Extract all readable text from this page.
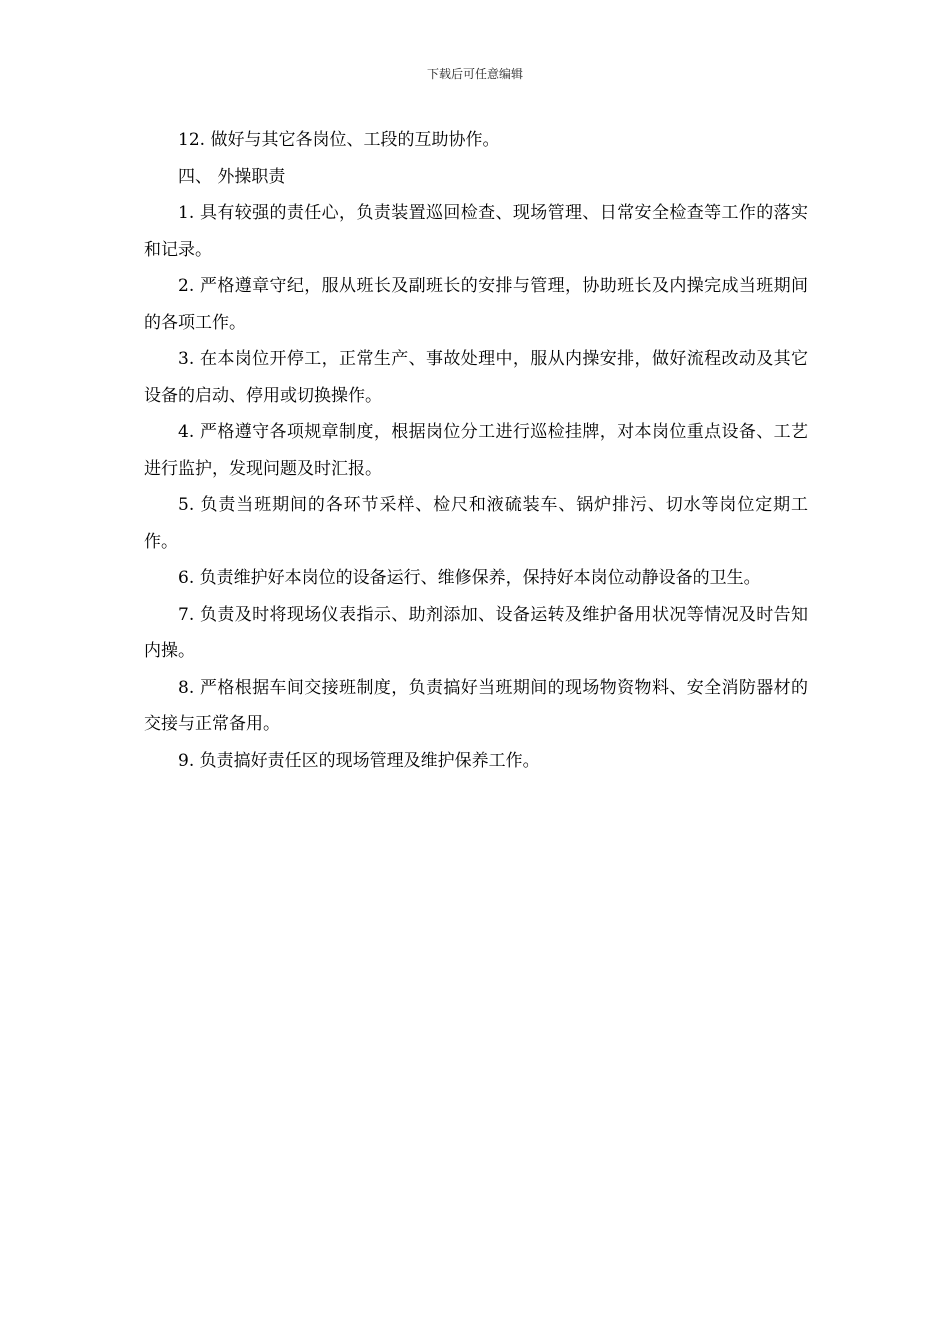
下载后可任意编辑

12. 做好与其它各岗位、工段的互助协作。

四、 外操职责

1. 具有较强的责任心，负责装置巡回检查、现场管理、日常安全检查等工作的落实和记录。

2. 严格遵章守纪，服从班长及副班长的安排与管理，协助班长及内操完成当班期间的各项工作。

3. 在本岗位开停工，正常生产、事故处理中，服从内操安排，做好流程改动及其它设备的启动、停用或切换操作。

4. 严格遵守各项规章制度，根据岗位分工进行巡检挂牌，对本岗位重点设备、工艺进行监护，发现问题及时汇报。

5. 负责当班期间的各环节采样、检尺和液硫装车、锅炉排污、切水等岗位定期工作。

6. 负责维护好本岗位的设备运行、维修保养，保持好本岗位动静设备的卫生。

7. 负责及时将现场仪表指示、助剂添加、设备运转及维护备用状况等情况及时告知内操。

8. 严格根据车间交接班制度，负责搞好当班期间的现场物资物料、安全消防器材的交接与正常备用。

9. 负责搞好责任区的现场管理及维护保养工作。
